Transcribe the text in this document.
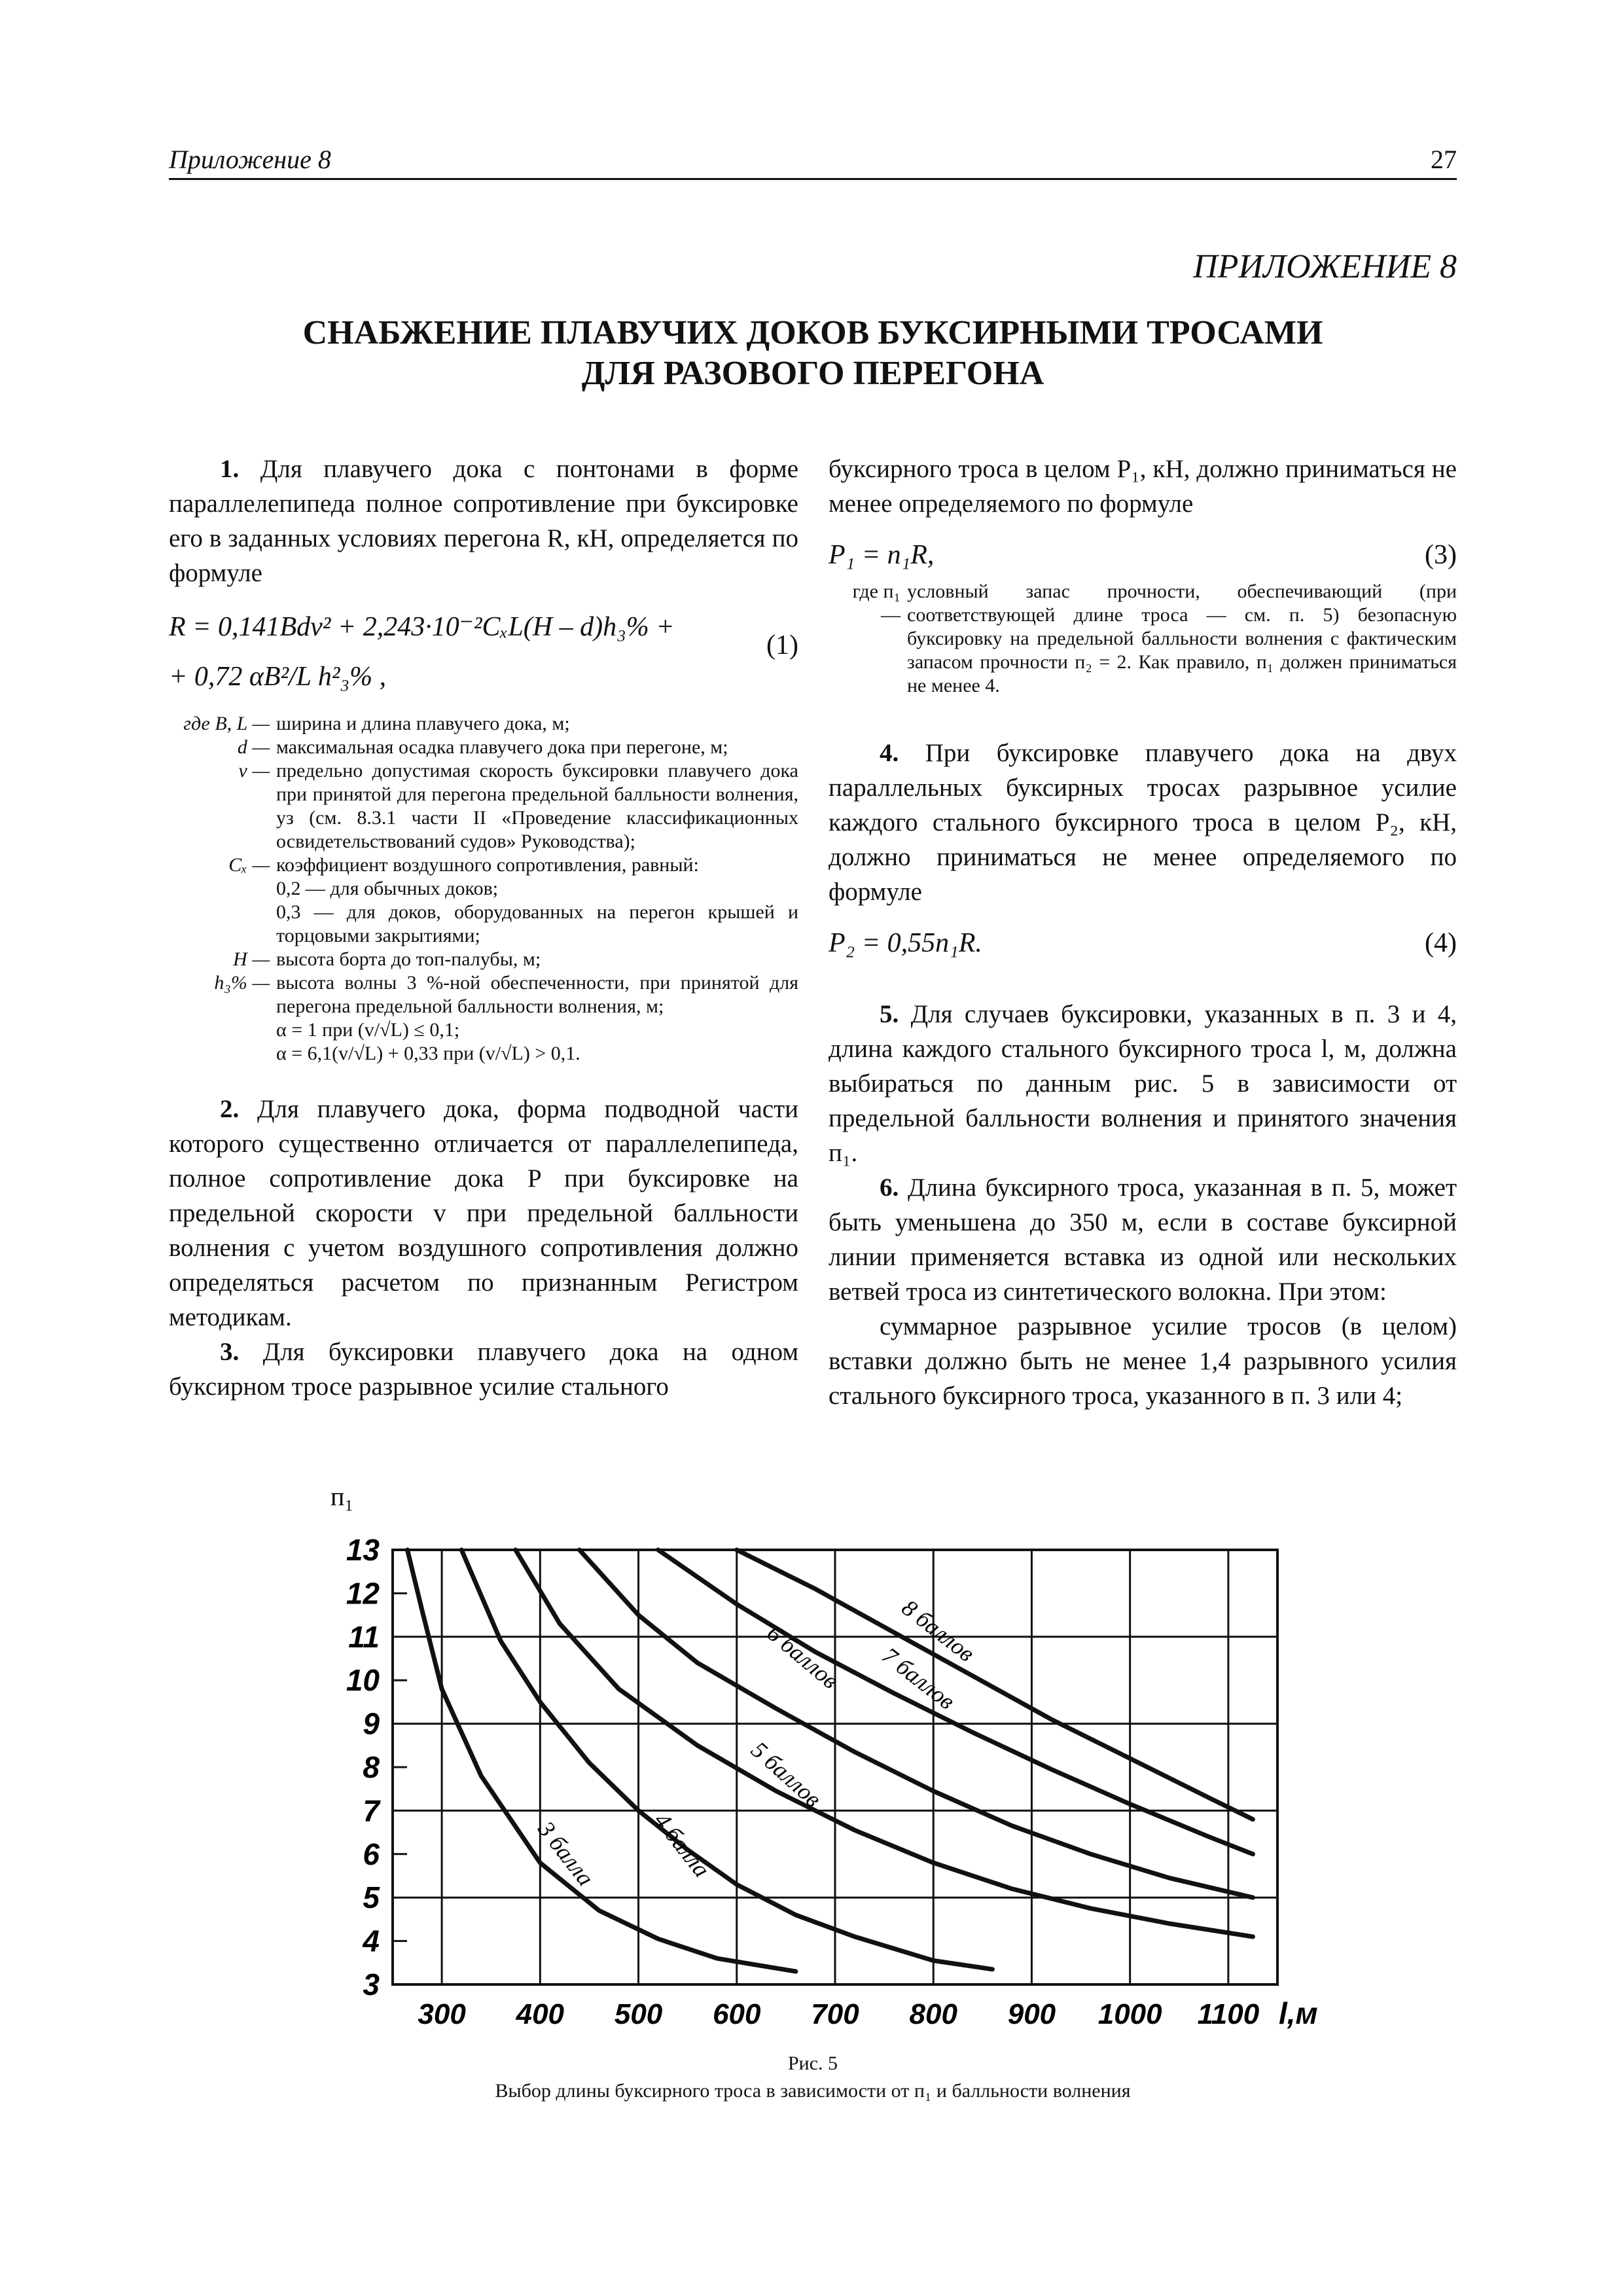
Приложение 8	27
ПРИЛОЖЕНИЕ 8
СНАБЖЕНИЕ ПЛАВУЧИХ ДОКОВ БУКСИРНЫМИ ТРОСАМИ
ДЛЯ РАЗОВОГО ПЕРЕГОНА

1. Для плавучего дока с понтонами в форме параллелепипеда полное сопротивление при буксировке его в заданных условиях перегона R, кН, определяется по формуле

R = 0,141Bdv² + 2,243·10⁻²CₓL(H – d)h₃% +
+ 0,72 αB²/L h²₃% ,
(1)
где B, L — ширина и длина плавучего дока, м;
d — максимальная осадка плавучего дока при перегоне, м;
v — предельно допустимая скорость буксировки плавучего дока при принятой для перегона предельной балльности волнения, уз (см. 8.3.1 части II «Проведение классификационных освидетельствований судов» Руководства);
Cₓ — коэффициент воздушного сопротивления, равный:
0,2 — для обычных доков;
0,3 — для доков, оборудованных на перегон крышей и торцовыми закрытиями;
H — высота борта до топ-палубы, м;
h₃% — высота волны 3 %-ной обеспеченности, при принятой для перегона предельной балльности волнения, м;
α = 1 при (v/√L) ≤ 0,1;
α = 6,1(v/√L) + 0,33 при (v/√L) > 0,1.

2. Для плавучего дока, форма подводной части которого существенно отличается от параллелепипеда, полное сопротивление дока P при буксировке на предельной скорости v при предельной балльности волнения с учетом воздушного сопротивления должно определяться расчетом по признанным Регистром методикам.

3. Для буксировки плавучего дока на одном буксирном тросе разрывное усилие стального

буксирного троса в целом P₁, кН, должно приниматься не менее определяемого по формуле

P₁ = п₁R,	(3)
где п₁ —
условный запас прочности, обеспечивающий (при соответствующей длине троса — см. п. 5) безопасную буксировку на предельной балльности волнения с фактическим запасом прочности п₂ = 2. Как правило, п₁ должен приниматься не менее 4.

4. При буксировке плавучего дока на двух параллельных буксирных тросах разрывное усилие каждого стального буксирного троса в целом P₂, кН, должно приниматься не менее определяемого по формуле

P₂ = 0,55п₁R.	(4)

5. Для случаев буксировки, указанных в п. 3 и 4, длина каждого стального буксирного троса l, м, должна выбираться по данным рис. 5 в зависимости от предельной балльности волнения и принятого значения п₁.

6. Длина буксирного троса, указанная в п. 5, может быть уменьшена до 350 м, если в составе буксирной линии применяется вставка из одной или нескольких ветвей троса из синтетического волокна. При этом:

суммарное разрывное усилие тросов (в целом) вставки должно быть не менее 1,4 разрывного усилия стального буксирного троса, указанного в п. 3 или 4;

3
4
5
6
7
8
9
10
11
12
13
300 400 500 600 700 800 900 1000 1100 l,м
п₁
3 балла 4 балла
5 баллов
6 баллов 7 баллов
8 баллов
Рис. 5
Выбор длины буксирного троса в зависимости от п₁ и балльности волнения
